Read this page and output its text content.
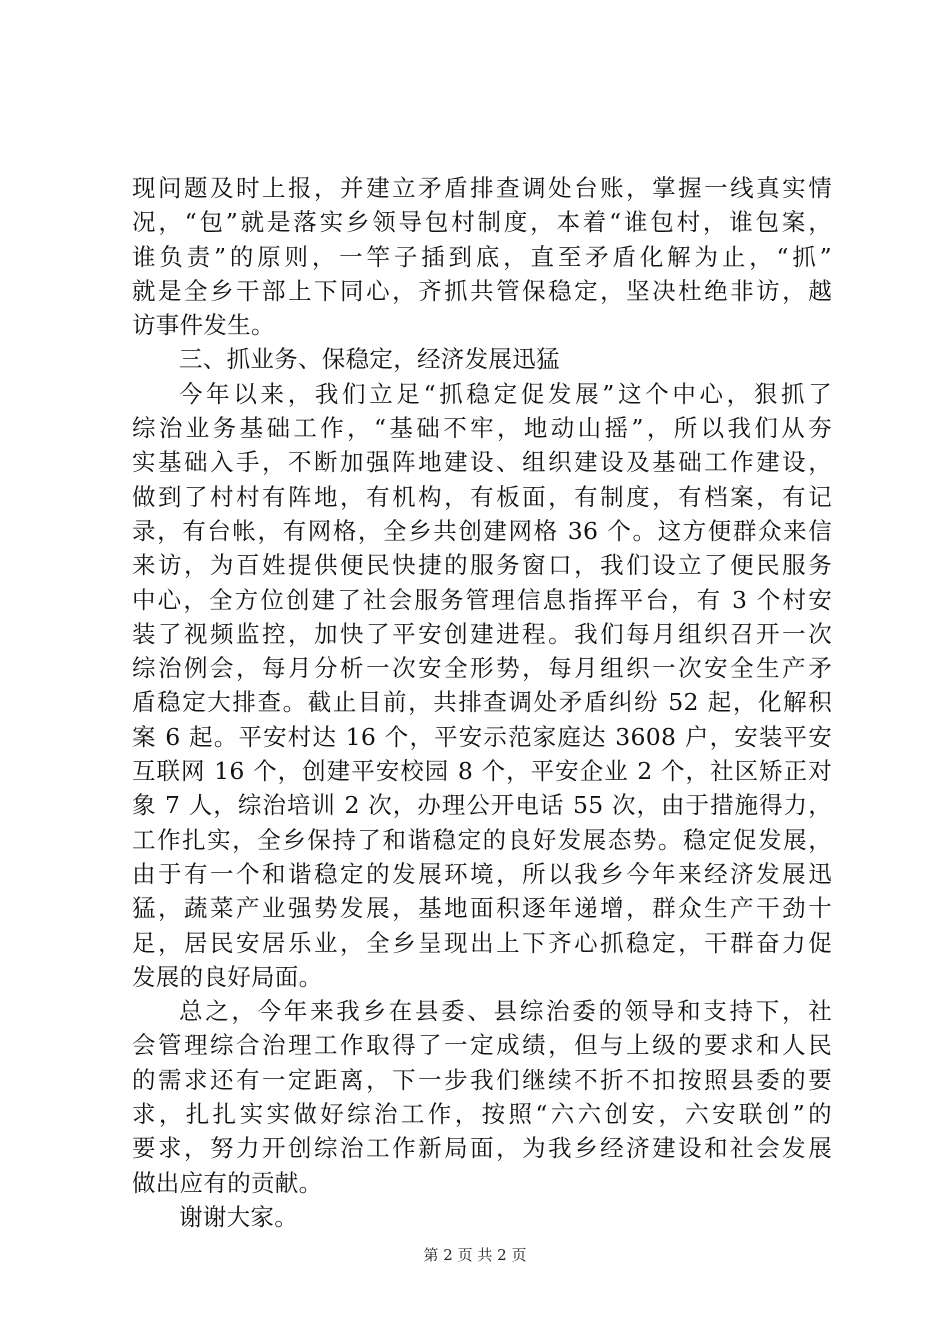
现问题及时上报，并建立矛盾排查调处台账，掌握一线真实情
况，“包”就是落实乡领导包村制度，本着“谁包村，谁包案，
谁负责”的原则，一竿子插到底，直至矛盾化解为止，“抓”
就是全乡干部上下同心，齐抓共管保稳定，坚决杜绝非访，越
访事件发生。
三、抓业务、保稳定，经济发展迅猛
今年以来，我们立足“抓稳定促发展”这个中心，狠抓了
综治业务基础工作，“基础不牢，地动山摇”，所以我们从夯
实基础入手，不断加强阵地建设、组织建设及基础工作建设，
做到了村村有阵地，有机构，有板面，有制度，有档案，有记
录，有台帐，有网格，全乡共创建网格 36 个。这方便群众来信
来访，为百姓提供便民快捷的服务窗口，我们设立了便民服务
中心，全方位创建了社会服务管理信息指挥平台，有 3 个村安
装了视频监控，加快了平安创建进程。我们每月组织召开一次
综治例会，每月分析一次安全形势，每月组织一次安全生产矛
盾稳定大排查。截止目前，共排查调处矛盾纠纷 52 起，化解积
案 6 起。平安村达 16 个，平安示范家庭达 3608 户，安装平安
互联网 16 个，创建平安校园 8 个，平安企业 2 个，社区矫正对
象 7 人，综治培训 2 次，办理公开电话 55 次，由于措施得力，
工作扎实，全乡保持了和谐稳定的良好发展态势。稳定促发展，
由于有一个和谐稳定的发展环境，所以我乡今年来经济发展迅
猛，蔬菜产业强势发展，基地面积逐年递增，群众生产干劲十
足，居民安居乐业，全乡呈现出上下齐心抓稳定，干群奋力促
发展的良好局面。
总之，今年来我乡在县委、县综治委的领导和支持下，社
会管理综合治理工作取得了一定成绩，但与上级的要求和人民
的需求还有一定距离，下一步我们继续不折不扣按照县委的要
求，扎扎实实做好综治工作，按照“六六创安，六安联创”的
要求，努力开创综治工作新局面，为我乡经济建设和社会发展
做出应有的贡献。
谢谢大家。
第 2 页 共 2 页
